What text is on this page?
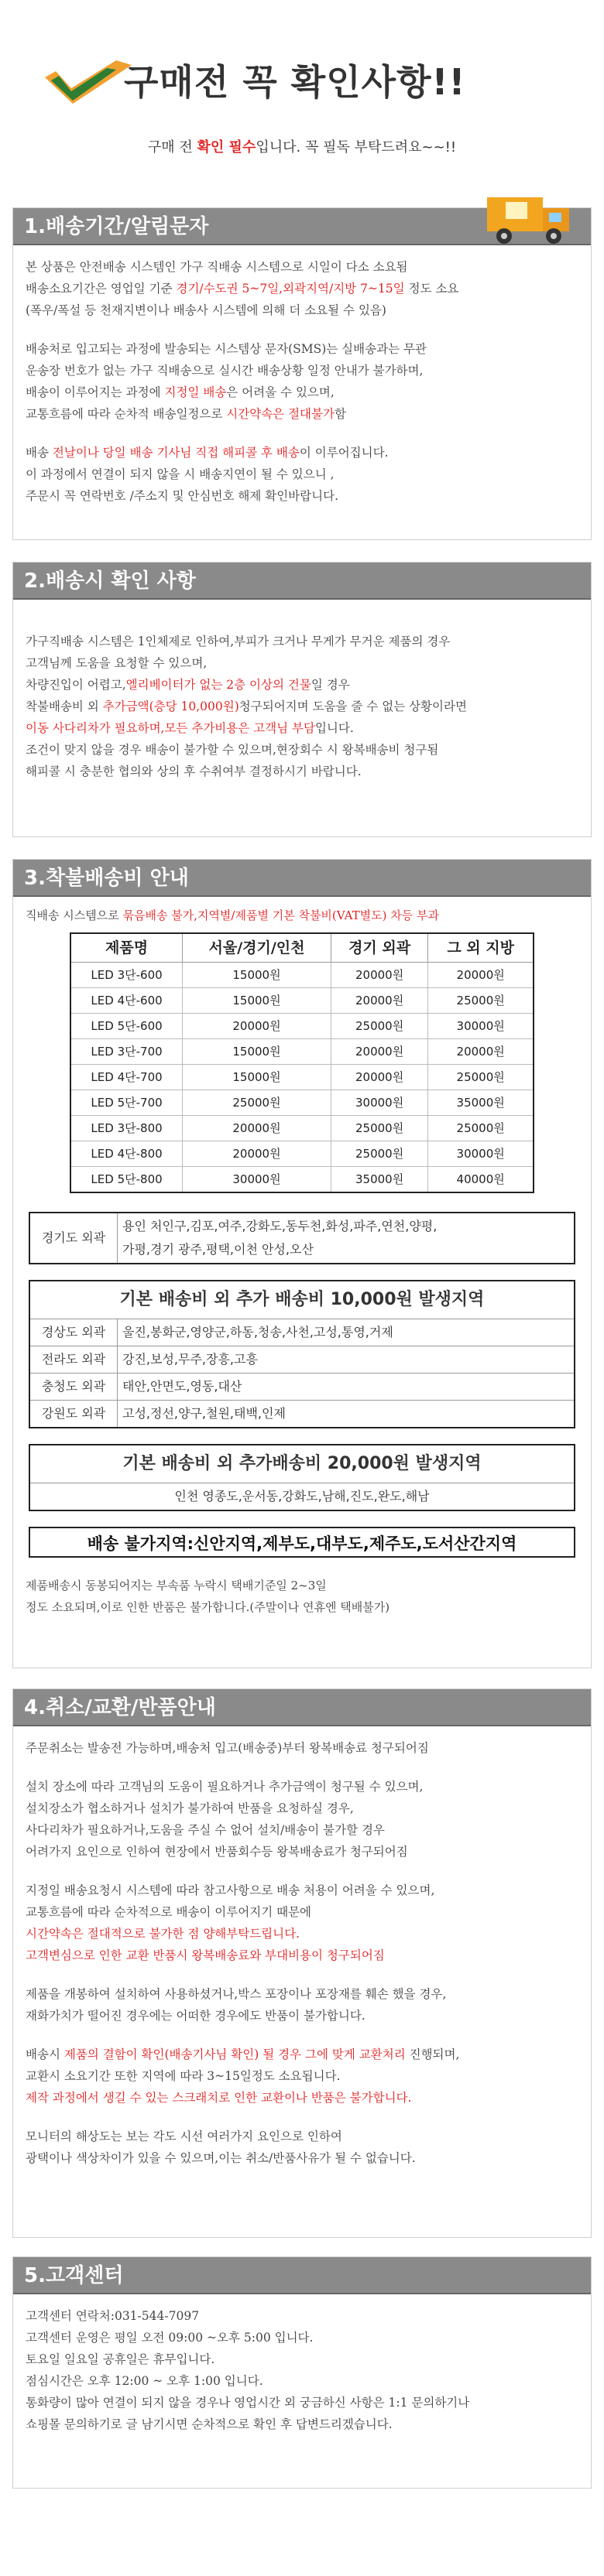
구매전 꼭 확인사항!!
구매 전 확인 필수입니다. 꼭 필독 부탁드려요~~!!
1.배송기간/알림문자

본 상품은 안전배송 시스템인 가구 직배송 시스템으로 시일이 다소 소요됨
배송소요기간은 영업일 기준 경기/수도권 5~7일,외곽지역/지방 7~15일 정도 소요
(폭우/폭설 등 천재지변이나 배송사 시스템에 의해 더 소요될 수 있음)

배송처로 입고되는 과정에 발송되는 시스템상 문자(SMS)는 실배송과는 무관
운송장 번호가 없는 가구 직배송으로 실시간 배송상황 일정 안내가 불가하며,
배송이 이루어지는 과정에 지정일 배송은 어려울 수 있으며,
교통흐름에 따라 순차적 배송일정으로 시간약속은 절대불가함

배송 전날이나 당일 배송 기사님 직접 해피콜 후 배송이 이루어집니다.
이 과정에서 연결이 되지 않을 시 배송지연이 될 수 있으니 ,
주문시 꼭 연락번호 /주소지 및 안심번호 해제 확인바랍니다.

2.배송시 확인 사항
가구직배송 시스템은 1인체제로 인하여,부피가 크거나 무게가 무거운 제품의 경우
고객님께 도움을 요청할 수 있으며,
차량진입이 어렵고,엘리베이터가 없는 2층 이상의 건물일 경우
착불배송비 외 추가금액(층당 10,000원)청구되어지며 도움을 줄 수 없는 상황이라면
이동 사다리차가 필요하며,모든 추가비용은 고객님 부담입니다.
조건이 맞지 않을 경우 배송이 불가할 수 있으며,현장회수 시 왕복배송비 청구됨
해피콜 시 충분한 협의와 상의 후 수취여부 결정하시기 바랍니다.
3.착불배송비 안내
직배송 시스템으로 묶음배송 불가,지역별/제품별 기본 착불비(VAT별도) 차등 부과
제품명	서울/경기/인천	경기 외곽	그 외 지방
LED 3단-600	15000원	20000원	20000원
LED 4단-600	15000원	20000원	25000원
LED 5단-600	20000원	25000원	30000원
LED 3단-700	15000원	20000원	20000원
LED 4단-700	15000원	20000원	25000원
LED 5단-700	25000원	30000원	35000원
LED 3단-800	20000원	25000원	25000원
LED 4단-800	20000원	25000원	30000원
LED 5단-800	30000원	35000원	40000원
경기도 외곽	용인 처인구,김포,여주,강화도,동두천,화성,파주,연천,양평,
가평,경기 광주,평택,이천 안성,오산
기본 배송비 외 추가 배송비 10,000원 발생지역	
경상도 외곽	울진,봉화군,영양군,하동,청송,사천,고성,통영,거제
전라도 외곽	강진,보성,무주,장흥,고흥
충청도 외곽	태안,안면도,영동,대산
강원도 외곽	고성,정선,양구,철원,태백,인제
기본 배송비 외 추가배송비 20,000원 발생지역
인천 영종도,운서동,강화도,남해,진도,완도,해남
배송 불가지역:신안지역,제부도,대부도,제주도,도서산간지역
제품배송시 동봉되어지는 부속품 누락시 택배기준일 2~3일
정도 소요되며,이로 인한 반품은 불가합니다.(주말이나 연휴엔 택배불가)
4.취소/교환/반품안내

주문취소는 발송전 가능하며,배송처 입고(배송중)부터 왕복배송료 청구되어짐

설치 장소에 따라 고객님의 도움이 필요하거나 추가금액이 청구될 수 있으며,
설치장소가 협소하거나 설치가 불가하여 반품을 요청하실 경우,
사다리차가 필요하거나,도움을 주실 수 없어 설치/배송이 불가할 경우
어려가지 요인으로 인하여 현장에서 반품회수등 왕복배송료가 청구되어짐

지정일 배송요청시 시스템에 따라 참고사항으로 배송 처용이 어려울 수 있으며,
교통흐름에 따라 순차적으로 배송이 이루어지기 때문에
시간약속은 절대적으로 불가한 점 양해부탁드립니다.
고객변심으로 인한 교환 반품시 왕복배송료와 부대비용이 청구되어짐

제품을 개봉하여 설치하여 사용하셨거나,박스 포장이나 포장재를 훼손 했을 경우,
재화가치가 떨어진 경우에는 어떠한 경우에도 반품이 불가합니다.

배송시 제품의 결함이 확인(배송기사님 확인) 될 경우 그에 맞게 교환처리 진행되며,
교환시 소요기간 또한 지역에 따라 3~15일정도 소요됩니다.
제작 과정에서 생길 수 있는 스크래치로 인한 교환이나 반품은 불가합니다.

모니터의 해상도는 보는 각도 시선 여러가지 요인으로 인하여
광택이나 색상차이가 있을 수 있으며,이는 취소/반품사유가 될 수 없습니다.

5.고객센터
고객센터 연락처:031-544-7097
고객센터 운영은 평일 오전 09:00 ~오후 5:00 입니다.
토요일 일요일 공휴일은 휴무입니다.
점심시간은 오후 12:00 ~ 오후 1:00 입니다.
통화량이 많아 연결이 되지 않을 경우나 영업시간 외 궁금하신 사항은 1:1 문의하기나
쇼핑몰 문의하기로 글 남기시면 순차적으로 확인 후 답변드리겠습니다.
